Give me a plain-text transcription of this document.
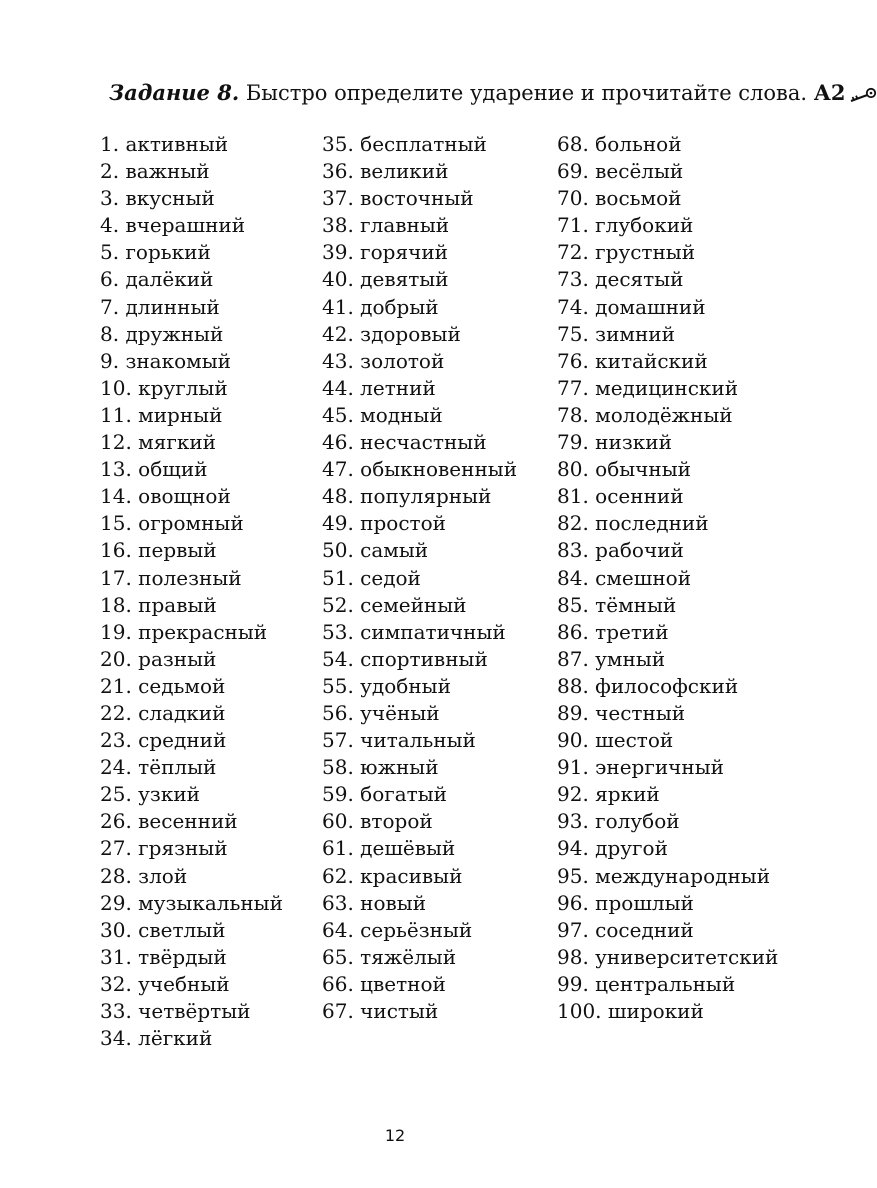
Задание 8. Быстро определите ударение и прочитайте слова. А2
1. активный
2. важный
3. вкусный
4. вчерашний
5. горький
6. далёкий
7. длинный
8. дружный
9. знакомый
10. круглый
11. мирный
12. мягкий
13. общий
14. овощной
15. огромный
16. первый
17. полезный
18. правый
19. прекрасный
20. разный
21. седьмой
22. сладкий
23. средний
24. тёплый
25. узкий
26. весенний
27. грязный
28. злой
29. музыкальный
30. светлый
31. твёрдый
32. учебный
33. четвёртый
34. лёгкий
35. бесплатный
36. великий
37. восточный
38. главный
39. горячий
40. девятый
41. добрый
42. здоровый
43. золотой
44. летний
45. модный
46. несчастный
47. обыкновенный
48. популярный
49. простой
50. самый
51. седой
52. семейный
53. симпатичный
54. спортивный
55. удобный
56. учёный
57. читальный
58. южный
59. богатый
60. второй
61. дешёвый
62. красивый
63. новый
64. серьёзный
65. тяжёлый
66. цветной
67. чистый
68. больной
69. весёлый
70. восьмой
71. глубокий
72. грустный
73. десятый
74. домашний
75. зимний
76. китайский
77. медицинский
78. молодёжный
79. низкий
80. обычный
81. осенний
82. последний
83. рабочий
84. смешной
85. тёмный
86. третий
87. умный
88. философский
89. честный
90. шестой
91. энергичный
92. яркий
93. голубой
94. другой
95. международный
96. прошлый
97. соседний
98. университетский
99. центральный
100. широкий
12
